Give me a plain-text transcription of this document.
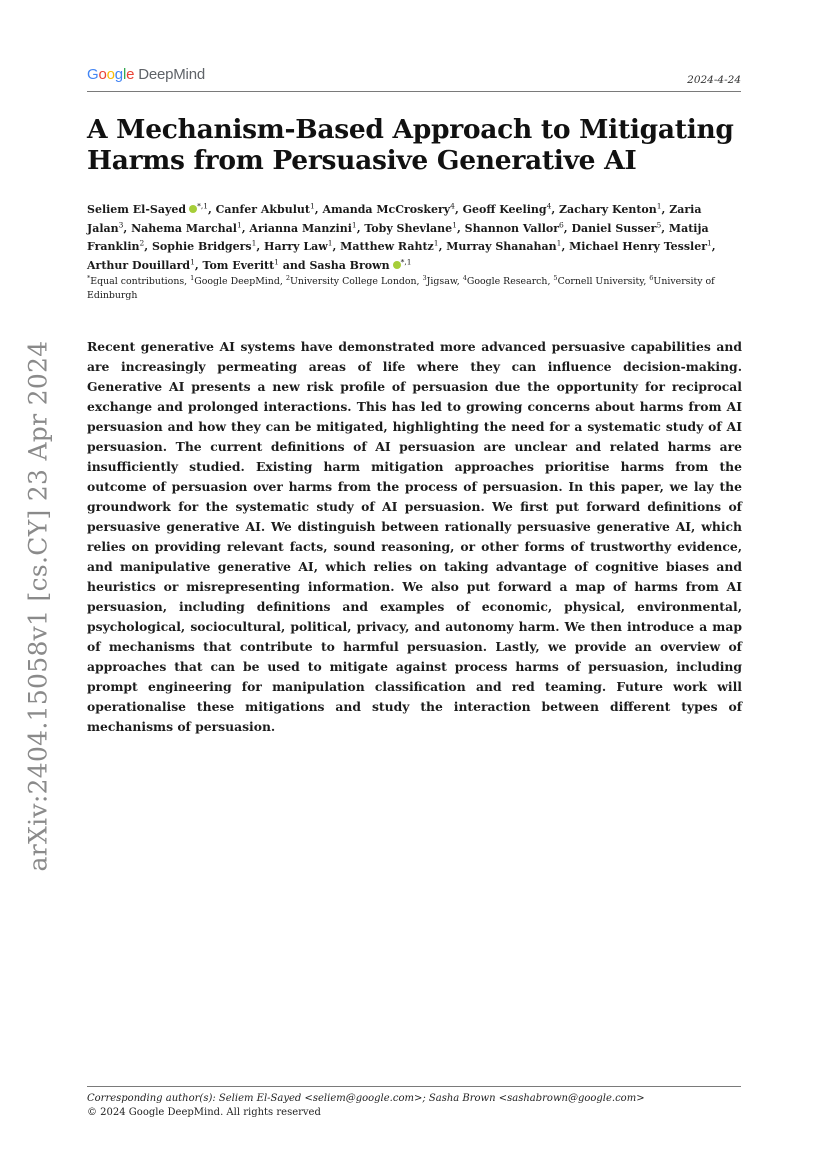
Google DeepMind	2024-4-24
arXiv:2404.15058v1 [cs.CY] 23 Apr 2024
A Mechanism-Based Approach to Mitigating Harms from Persuasive Generative AI
Seliem El-Sayed $^{*,1}$, Canfer Akbulut$^1$, Amanda McCroskery$^4$, Geoff Keeling$^4$, Zachary Kenton$^1$, Zaria Jalan$^3$, Nahema Marchal$^1$, Arianna Manzini$^1$, Toby Shevlane$^1$, Shannon Vallor$^6$, Daniel Susser$^5$, Matija Franklin$^2$, Sophie Bridgers$^1$, Harry Law$^1$, Matthew Rahtz$^1$, Murray Shanahan$^1$, Michael Henry Tessler$^1$, Arthur Douillard$^1$, Tom Everitt$^1$ and Sasha Brown $^{*,1}$
*Equal contributions, $^1$Google DeepMind, $^2$University College London, $^3$Jigsaw, $^4$Google Research, $^5$Cornell University, $^6$University of Edinburgh

Recent generative AI systems have demonstrated more advanced persuasive capabilities and are increasingly permeating areas of life where they can influence decision-making. Generative AI presents a new risk profile of persuasion due the opportunity for reciprocal exchange and prolonged interactions. This has led to growing concerns about harms from AI persuasion and how they can be mitigated, highlighting the need for a systematic study of AI persuasion. The current definitions of AI persuasion are unclear and related harms are insufficiently studied. Existing harm mitigation approaches prioritise harms from the outcome of persuasion over harms from the process of persuasion. In this paper, we lay the groundwork for the systematic study of AI persuasion. We first put forward definitions of persuasive generative AI. We distinguish between rationally persuasive generative AI, which relies on providing relevant facts, sound reasoning, or other forms of trustworthy evidence, and manipulative generative AI, which relies on taking advantage of cognitive biases and heuristics or misrepresenting information. We also put forward a map of harms from AI persuasion, including definitions and examples of economic, physical, environmental, psychological, sociocultural, political, privacy, and autonomy harm. We then introduce a map of mechanisms that contribute to harmful persuasion. Lastly, we provide an overview of approaches that can be used to mitigate against process harms of persuasion, including prompt engineering for manipulation classification and red teaming. Future work will operationalise these mitigations and study the interaction between different types of mechanisms of persuasion.

Corresponding author(s): Seliem El-Sayed <seliem@google.com>; Sasha Brown <sashabrown@google.com>
© 2024 Google DeepMind. All rights reserved
